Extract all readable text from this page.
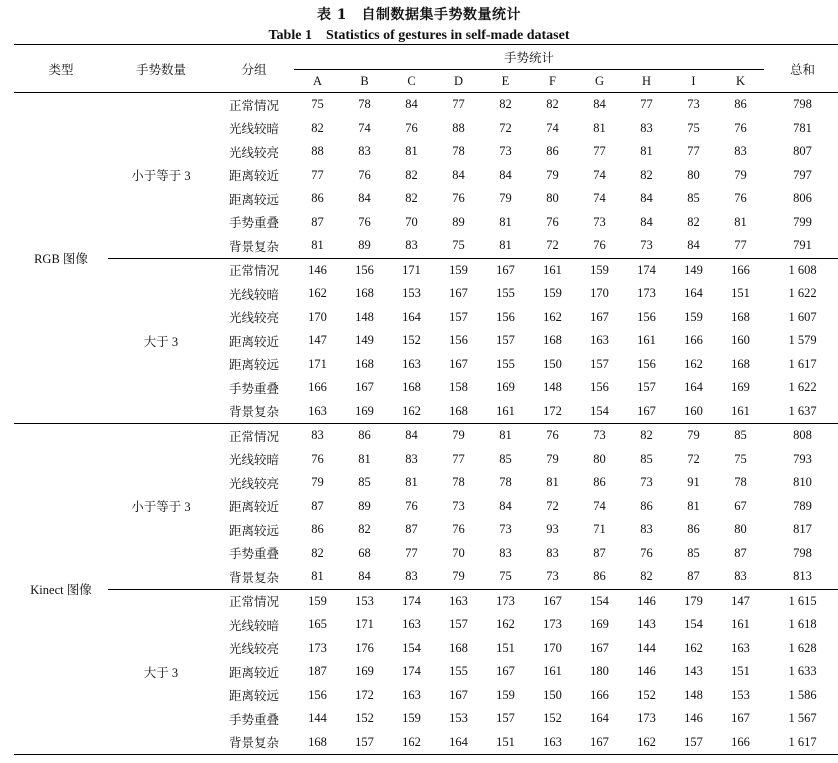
表 1　自制数据集手势数量统计
Table 1　Statistics of gestures in self-made dataset
类型	手势数量	分组	手势统计										总和
			A	B	C	D	E	F	G	H	I	K	
RGB 图像	小于等于 3	正常情况	75	78	84	77	82	82	84	77	73	86	798
		光线较暗	82	74	76	88	72	74	81	83	75	76	781
		光线较亮	88	83	81	78	73	86	77	81	77	83	807
		距离较近	77	76	82	84	84	79	74	82	80	79	797
		距离较远	86	84	82	76	79	80	74	84	85	76	806
		手势重叠	87	76	70	89	81	76	73	84	82	81	799
		背景复杂	81	89	83	75	81	72	76	73	84	77	791
	大于 3	正常情况	146	156	171	159	167	161	159	174	149	166	1 608
		光线较暗	162	168	153	167	155	159	170	173	164	151	1 622
		光线较亮	170	148	164	157	156	162	167	156	159	168	1 607
		距离较近	147	149	152	156	157	168	163	161	166	160	1 579
		距离较远	171	168	163	167	155	150	157	156	162	168	1 617
		手势重叠	166	167	168	158	169	148	156	157	164	169	1 622
		背景复杂	163	169	162	168	161	172	154	167	160	161	1 637
Kinect 图像	小于等于 3	正常情况	83	86	84	79	81	76	73	82	79	85	808
		光线较暗	76	81	83	77	85	79	80	85	72	75	793
		光线较亮	79	85	81	78	78	81	86	73	91	78	810
		距离较近	87	89	76	73	84	72	74	86	81	67	789
		距离较远	86	82	87	76	73	93	71	83	86	80	817
		手势重叠	82	68	77	70	83	83	87	76	85	87	798
		背景复杂	81	84	83	79	75	73	86	82	87	83	813
	大于 3	正常情况	159	153	174	163	173	167	154	146	179	147	1 615
		光线较暗	165	171	163	157	162	173	169	143	154	161	1 618
		光线较亮	173	176	154	168	151	170	167	144	162	163	1 628
		距离较近	187	169	174	155	167	161	180	146	143	151	1 633
		距离较远	156	172	163	167	159	150	166	152	148	153	1 586
		手势重叠	144	152	159	153	157	152	164	173	146	167	1 567
		背景复杂	168	157	162	164	151	163	167	162	157	166	1 617
